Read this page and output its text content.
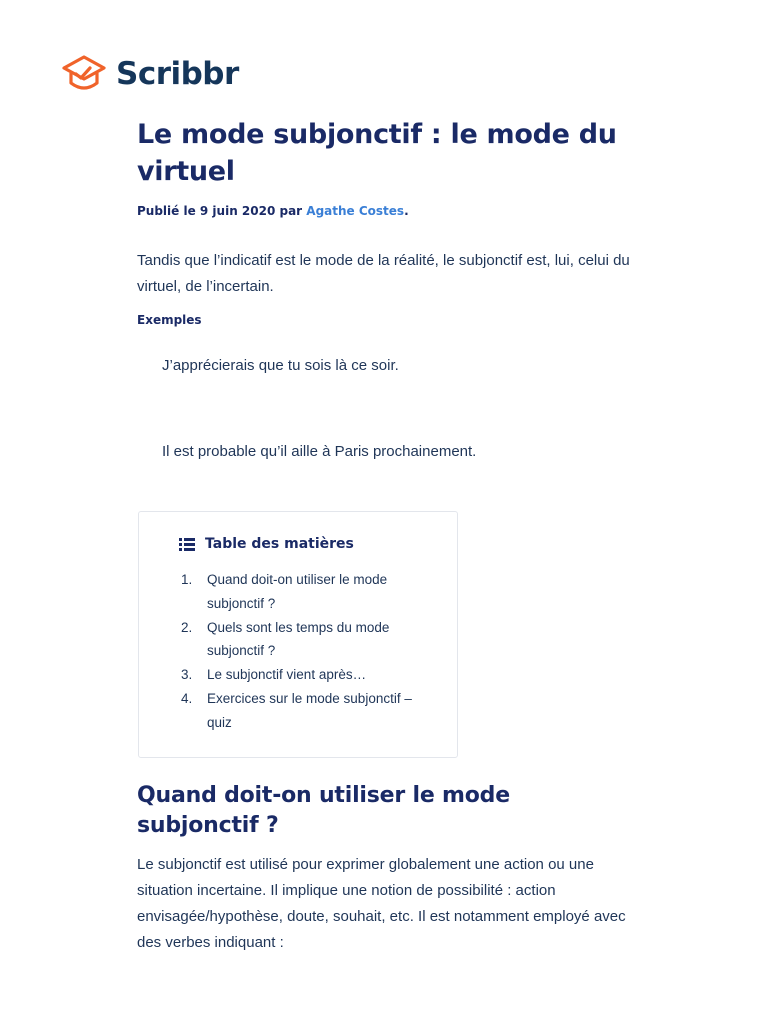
Scribbr
Le mode subjonctif : le mode du virtuel
Publié le 9 juin 2020 par Agathe Costes.

Tandis que l’indicatif est le mode de la réalité, le subjonctif est, lui, celui du virtuel, de l’incertain.

Exemples
J’apprécierais que tu sois là ce soir.
Il est probable qu’il aille à Paris prochainement.
Table des matières
1.	Quand doit-on utiliser le mode subjonctif ?
2.	Quels sont les temps du mode subjonctif ?
3.	Le subjonctif vient après…
4.	Exercices sur le mode subjonctif – quiz
Quand doit-on utiliser le mode subjonctif ?

Le subjonctif est utilisé pour exprimer globalement une action ou une situation incertaine. Il implique une notion de possibilité : action envisagée/hypothèse, doute, souhait, etc. Il est notamment employé avec des verbes indiquant :
